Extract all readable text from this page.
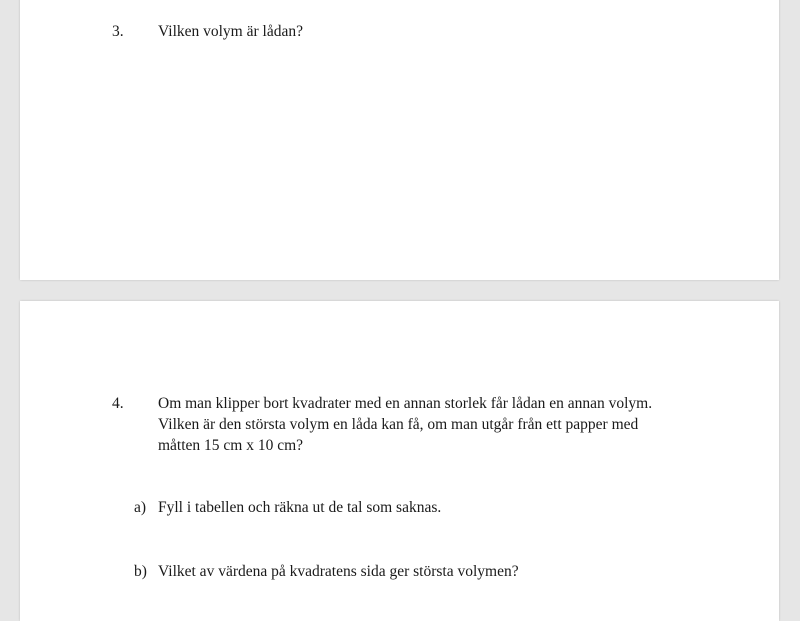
3. Vilken volym är lådan?
4. Om man klipper bort kvadrater med en annan storlek får lådan en annan volym.
Vilken är den största volym en låda kan få, om man utgår från ett papper med
måtten 15 cm x 10 cm?
a) Fyll i tabellen och räkna ut de tal som saknas.
b) Vilket av värdena på kvadratens sida ger största volymen?
